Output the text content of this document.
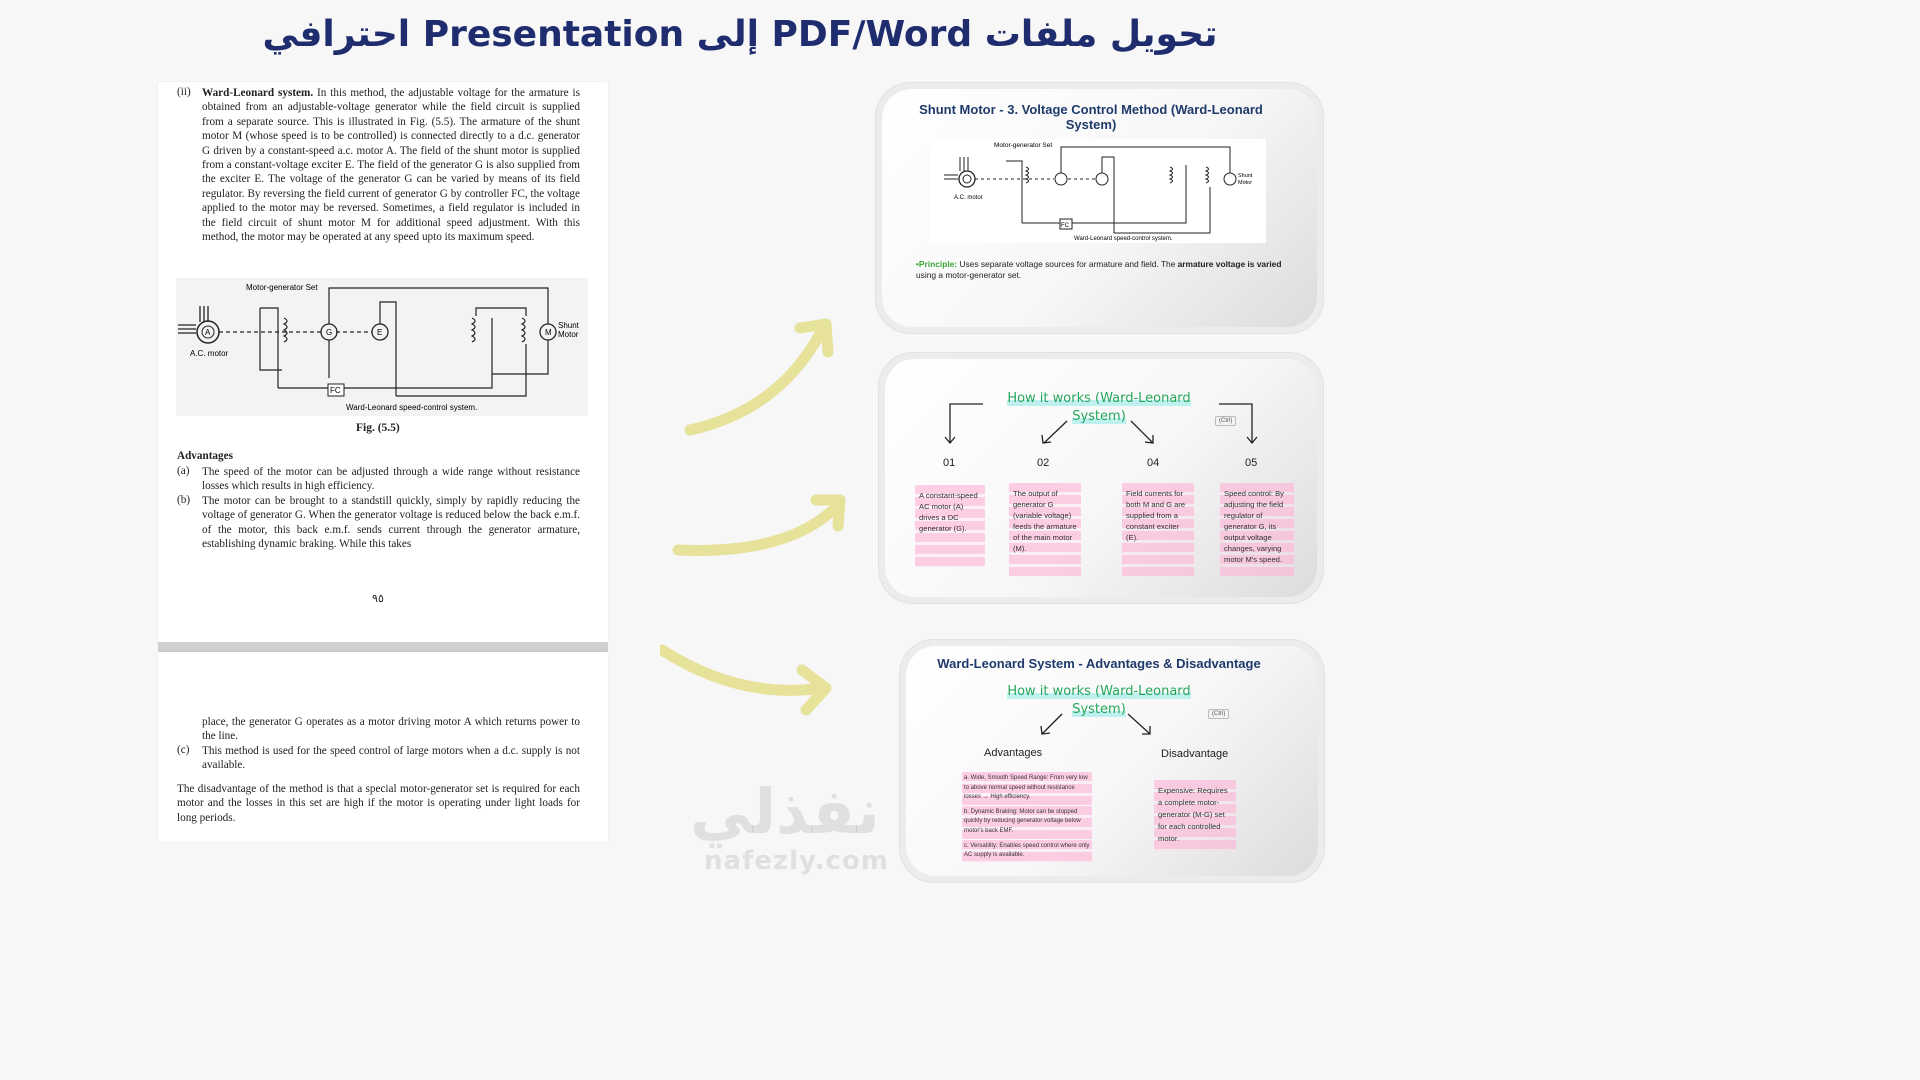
تحويل ملفات PDF/Word إلى Presentation احترافي
(ii) Ward-Leonard system. In this method, the adjustable voltage for the armature is obtained from an adjustable-voltage generator while the field circuit is supplied from a separate source. This is illustrated in Fig. (5.5). The armature of the shunt motor M (whose speed is to be controlled) is connected directly to a d.c. generator G driven by a constant-speed a.c. motor A. The field of the shunt motor is supplied from a constant-voltage exciter E. The field of the generator G is also supplied from the exciter E. The voltage of the generator G can be varied by means of its field regulator. By reversing the field current of generator G by controller FC, the voltage applied to the motor may be reversed. Sometimes, a field regulator is included in the field circuit of shunt motor M for additional speed adjustment. With this method, the motor may be operated at any speed upto its maximum speed.
Motor-generator Set
A
A.C. motor
G	E
FC
M
Shunt
Motor
Ward-Leonard speed-control system.
Fig. (5.5)
Advantages
(a) The speed of the motor can be adjusted through a wide range without resistance losses which results in high efficiency.
(b) The motor can be brought to a standstill quickly, simply by rapidly reducing the voltage of generator G. When the generator voltage is reduced below the back e.m.f. of the motor, this back e.m.f. sends current through the generator armature, establishing dynamic braking. While this takes
٩٥
place, the generator G operates as a motor driving motor A which returns power to the line.
(c) This method is used for the speed control of large motors when a d.c. supply is not available.
The disadvantage of the method is that a special motor-generator set is required for each motor and the losses in this set are high if the motor is operating under light loads for long periods.
Shunt Motor - 3. Voltage Control Method (Ward-Leonard System)
Motor-generator Set
A.C. motor
FC
Shunt
Motor
Ward-Leonard speed-control system.
•Principle: Uses separate voltage sources for armature and field. The armature voltage is varied using a motor-generator set.
How it works (Ward-Leonard System)	(Ctrl)
01	02	04	05
A constant-speed AC motor (A) drives a DC generator (G).
The output of generator G (variable voltage) feeds the armature of the main motor (M).
Field currents for both M and G are supplied from a constant exciter (E).
Speed control: By adjusting the field regulator of generator G, its output voltage changes, varying motor M's speed.
Ward-Leonard System - Advantages & Disadvantage
How it works (Ward-Leonard System)	(Ctrl)
Advantages	Disadvantage
a. Wide, Smooth Speed Range: From very low to above normal speed without resistance losses → High efficiency.
b. Dynamic Braking: Motor can be stopped quickly by reducing generator voltage below motor's back EMF.
c. Versatility: Enables speed control where only AC supply is available.
Expensive: Requires a complete motor-generator (M-G) set for each controlled motor.
نفذلي
nafezly.com
